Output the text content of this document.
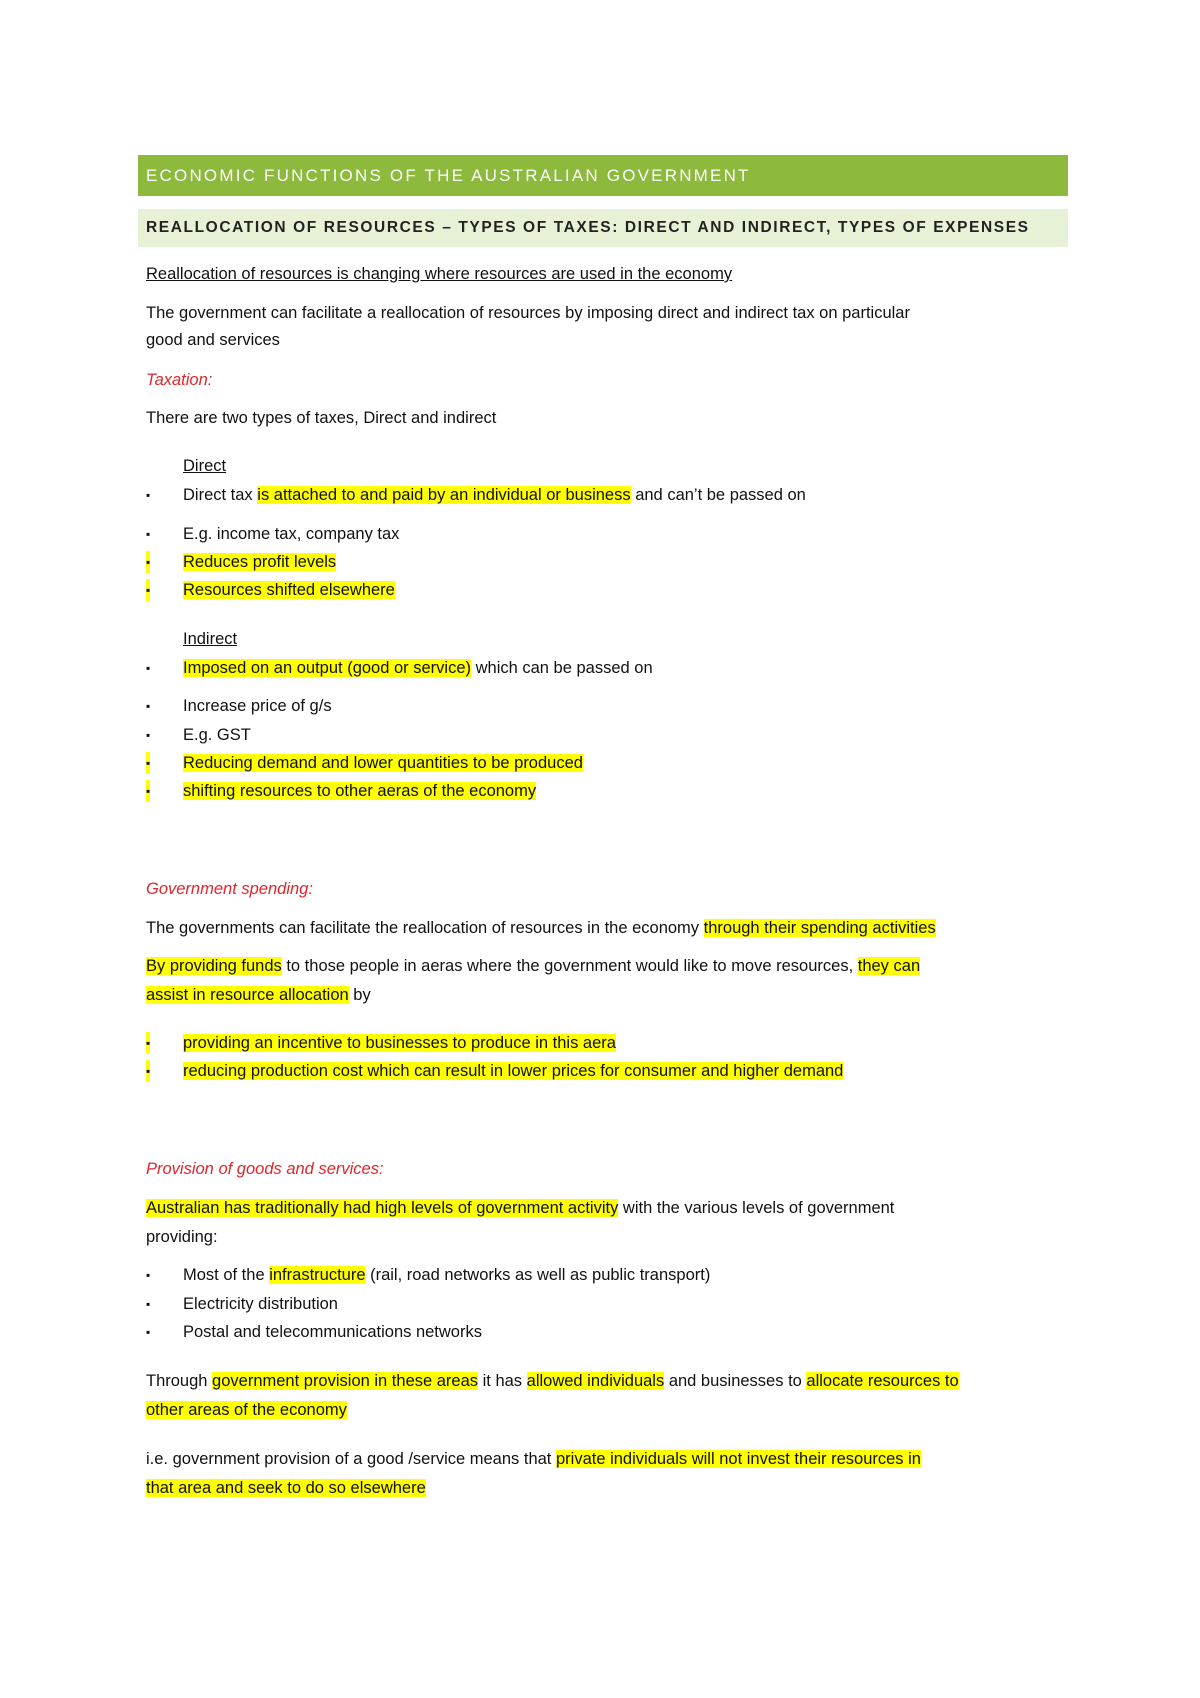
ECONOMIC FUNCTIONS OF THE AUSTRALIAN GOVERNMENT
REALLOCATION OF RESOURCES – TYPES OF TAXES: DIRECT AND INDIRECT, TYPES OF EXPENSES
Reallocation of resources is changing where resources are used in the economy
The government can facilitate a reallocation of resources by imposing direct and indirect tax on particular
good and services
Taxation:
There are two types of taxes, Direct and indirect
Direct
▪ Direct tax is attached to and paid by an individual or business and can’t be passed on
▪ E.g. income tax, company tax
▪ Reduces profit levels
▪ Resources shifted elsewhere
Indirect
▪ Imposed on an output (good or service) which can be passed on
▪ Increase price of g/s
▪ E.g. GST
▪ Reducing demand and lower quantities to be produced
▪ shifting resources to other aeras of the economy
Government spending:
The governments can facilitate the reallocation of resources in the economy through their spending activities
By providing funds to those people in aeras where the government would like to move resources, they can
assist in resource allocation by
▪ providing an incentive to businesses to produce in this aera
▪ reducing production cost which can result in lower prices for consumer and higher demand
Provision of goods and services:
Australian has traditionally had high levels of government activity with the various levels of government
providing:
▪ Most of the infrastructure (rail, road networks as well as public transport)
▪ Electricity distribution
▪ Postal and telecommunications networks
Through government provision in these areas it has allowed individuals and businesses to allocate resources to
other areas of the economy
i.e. government provision of a good /service means that private individuals will not invest their resources in
that area and seek to do so elsewhere
